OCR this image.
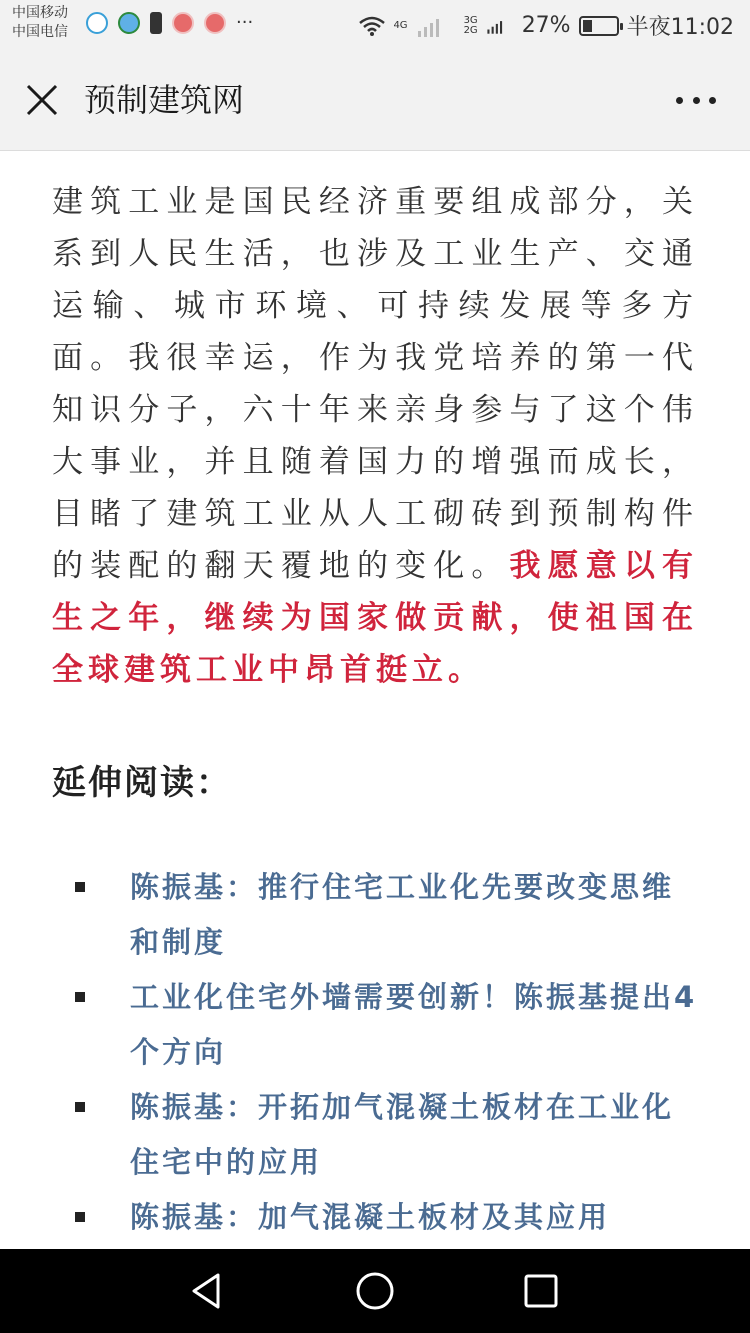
中国移动
中国电信	···	4G	3G
2G 27%	半夜11:02
预制建筑网

建筑工业是国民经济重要组成部分，关系到人民生活，也涉及工业生产、交通运输、城市环境、可持续发展等多方面。我很幸运，作为我党培养的第一代知识分子，六十年来亲身参与了这个伟大事业，并且随着国力的增强而成长，目睹了建筑工业从人工砌砖到预制构件的装配的翻天覆地的变化。我愿意以有生之年，继续为国家做贡献，使祖国在全球建筑工业中昂首挺立。

延伸阅读：
陈振基：推行住宅工业化先要改变思维和制度
工业化住宅外墙需要创新！陈振基提出4个方向
陈振基：开拓加气混凝土板材在工业化住宅中的应用
陈振基：加气混凝土板材及其应用
